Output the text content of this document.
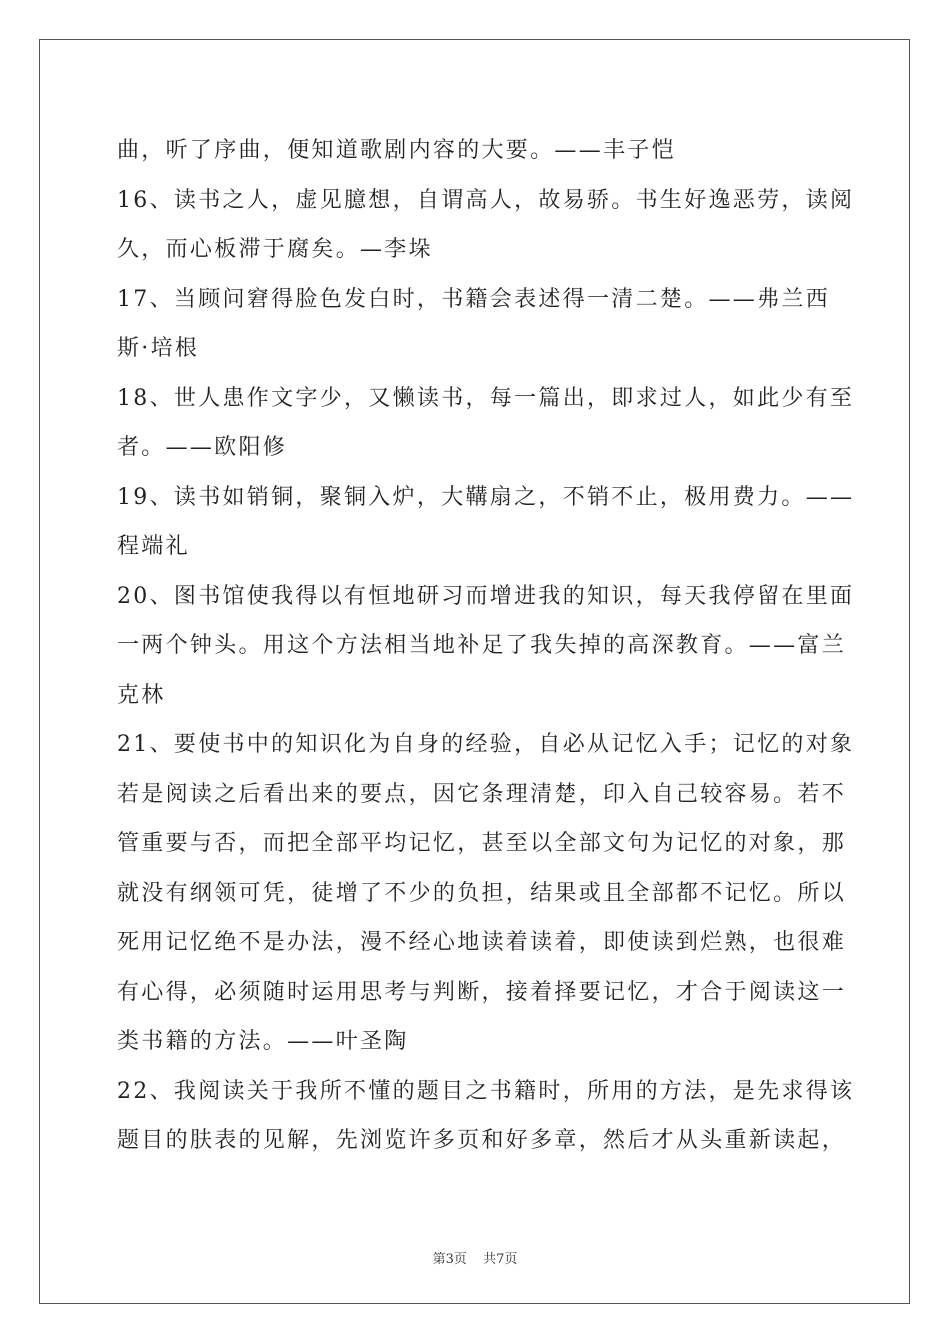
曲，听了序曲，便知道歌剧内容的大要。——丰子恺
16、读书之人，虚见臆想，自谓高人，故易骄。书生好逸恶劳，读阅
久，而心板滞于腐矣。—李垛
17、当顾问窘得脸色发白时，书籍会表述得一清二楚。——弗兰西
斯·培根
18、世人患作文字少，又懒读书，每一篇出，即求过人，如此少有至
者。——欧阳修
19、读书如销铜，聚铜入炉，大鞲扇之，不销不止，极用费力。——
程端礼
20、图书馆使我得以有恒地研习而增进我的知识，每天我停留在里面
一两个钟头。用这个方法相当地补足了我失掉的高深教育。——富兰
克林
21、要使书中的知识化为自身的经验，自必从记忆入手；记忆的对象
若是阅读之后看出来的要点，因它条理清楚，印入自己较容易。若不
管重要与否，而把全部平均记忆，甚至以全部文句为记忆的对象，那
就没有纲领可凭，徒增了不少的负担，结果或且全部都不记忆。所以
死用记忆绝不是办法，漫不经心地读着读着，即使读到烂熟，也很难
有心得，必须随时运用思考与判断，接着择要记忆，才合于阅读这一
类书籍的方法。——叶圣陶
22、我阅读关于我所不懂的题目之书籍时，所用的方法，是先求得该
题目的肤表的见解，先浏览许多页和好多章，然后才从头重新读起，
第3页 共7页
